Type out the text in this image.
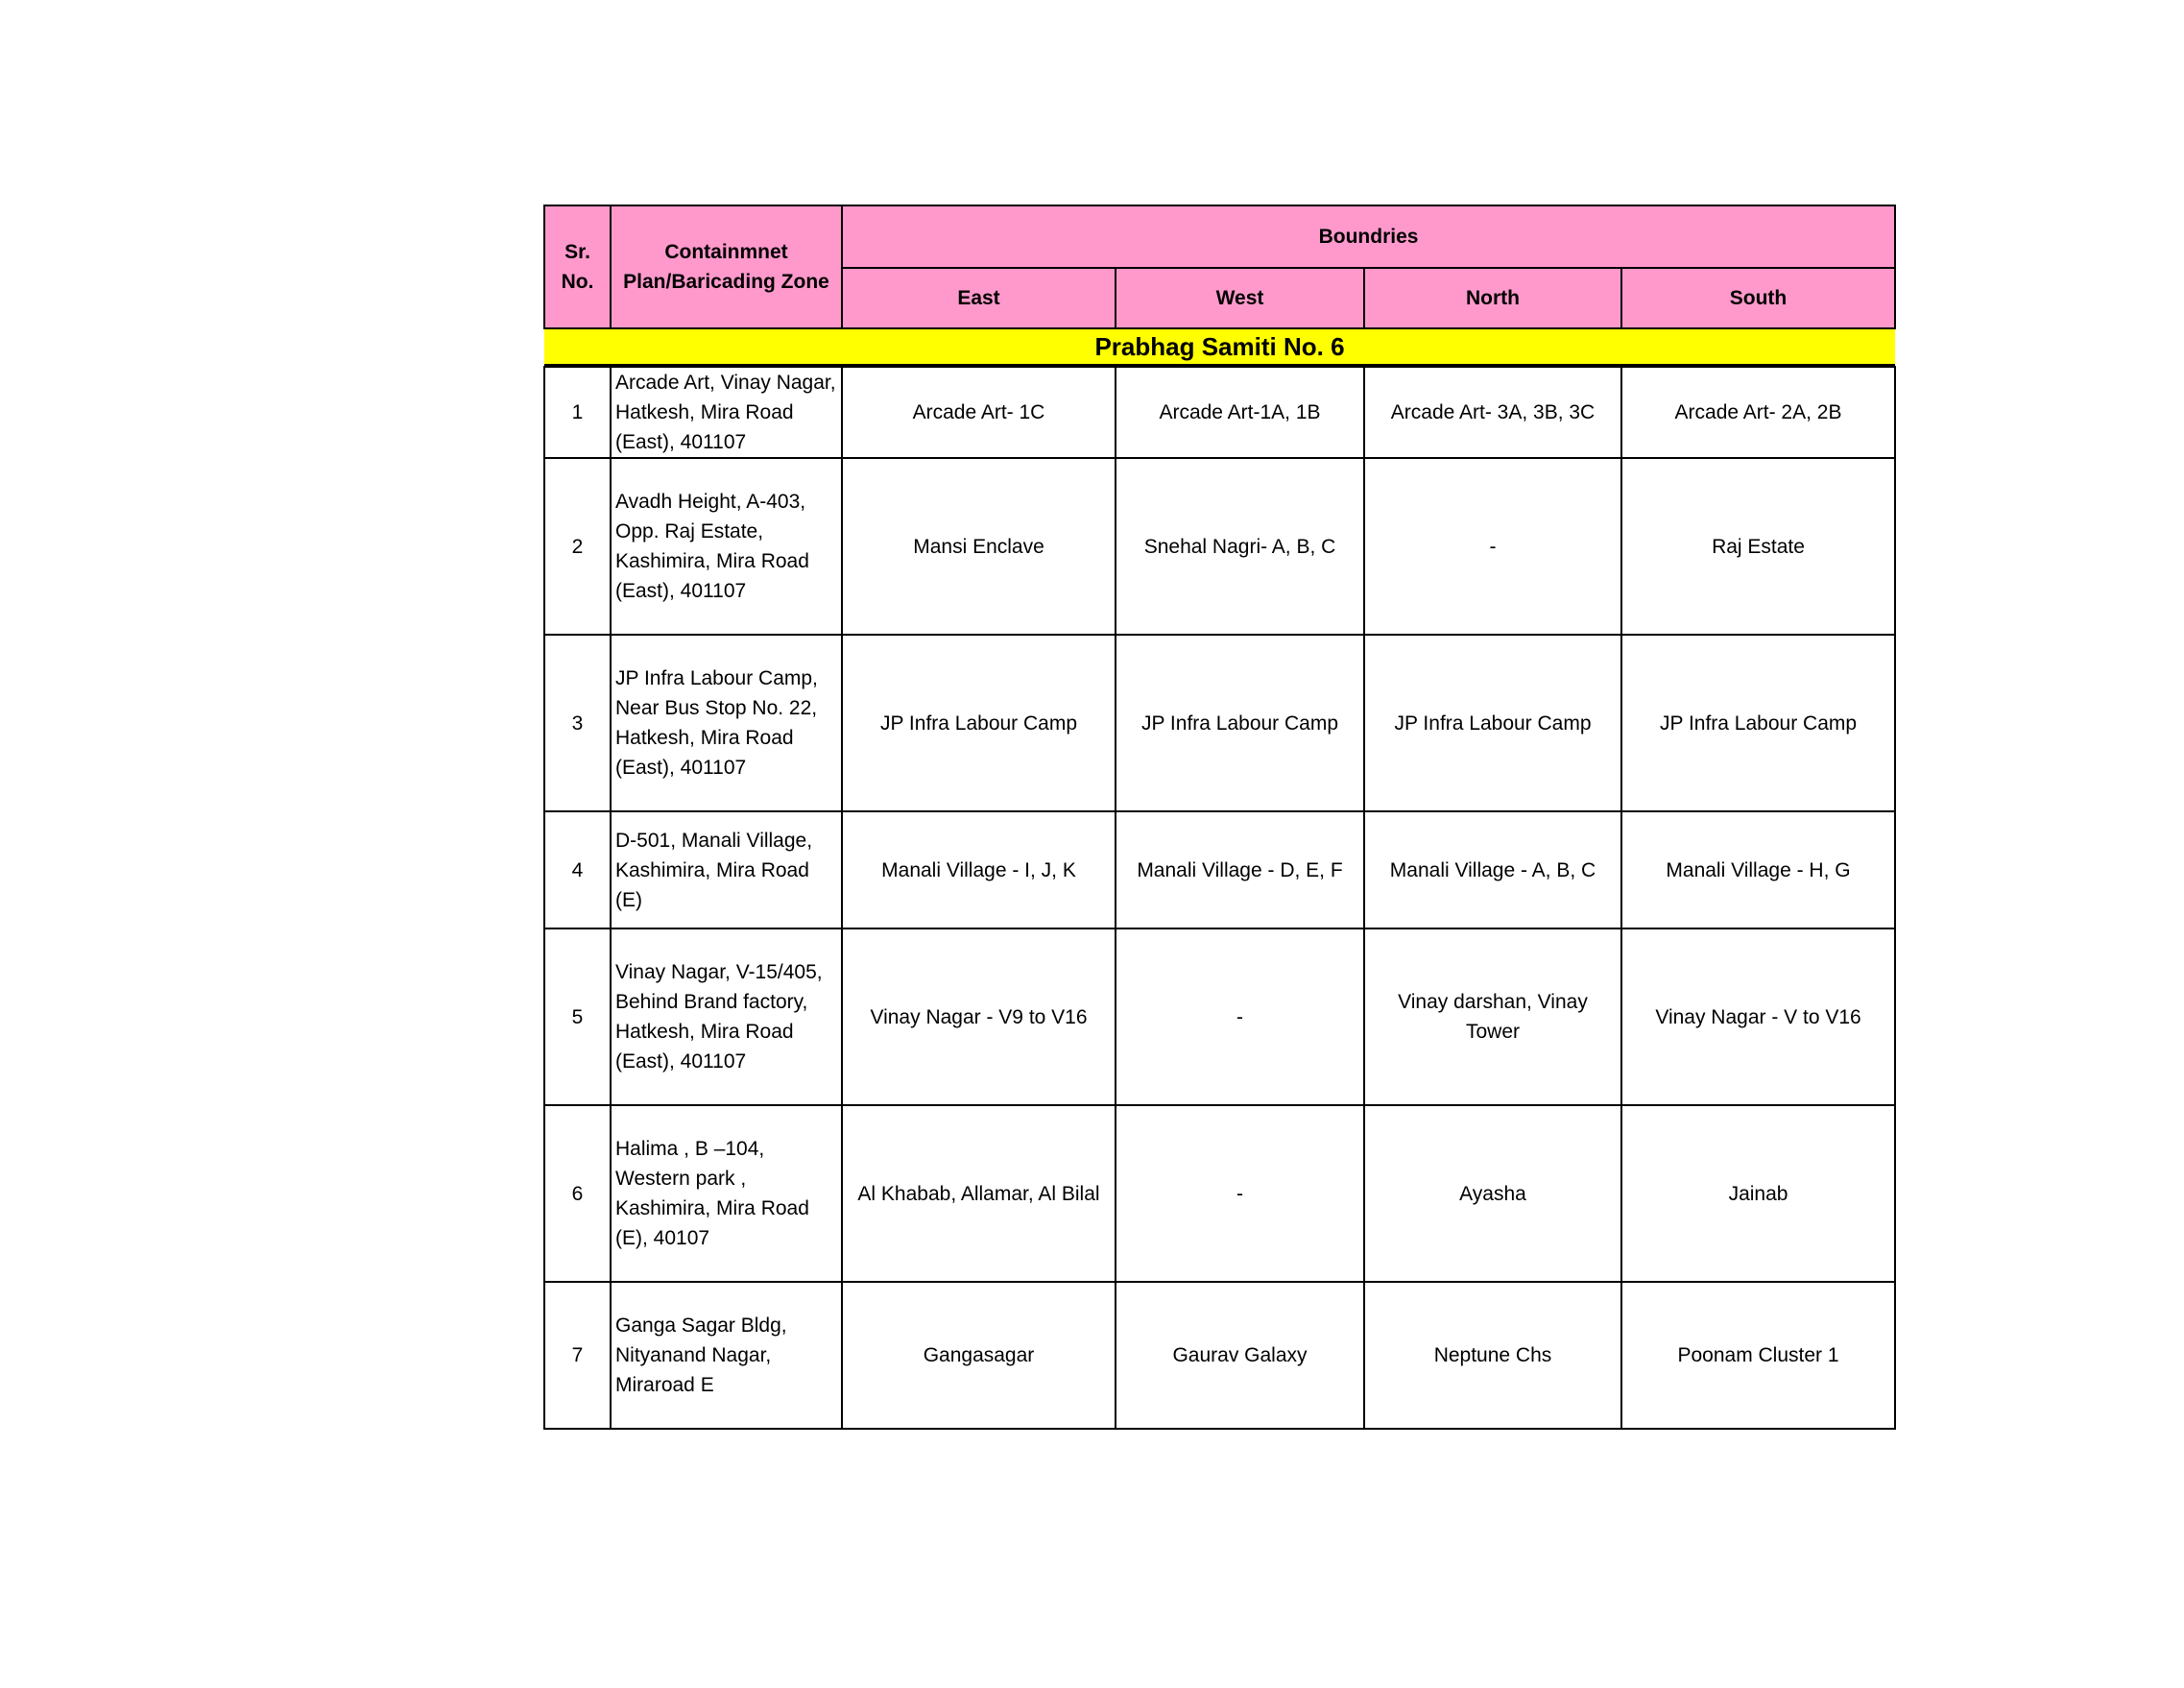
Sr. No.	Containmnet Plan/Baricading Zone	Boundries			
		East	West	North	South
Prabhag Samiti No. 6					

1	Arcade Art, Vinay Nagar, Hatkesh, Mira Road (East), 401107	Arcade Art- 1C	Arcade Art-1A, 1B	Arcade Art- 3A, 3B, 3C	Arcade Art- 2A, 2B
2	Avadh Height, A-403, Opp. Raj Estate, Kashimira, Mira Road (East), 401107	Mansi Enclave	Snehal Nagri- A, B, C	-	Raj Estate
3	JP Infra Labour Camp, Near Bus Stop No. 22, Hatkesh, Mira Road (East), 401107	JP Infra Labour Camp	JP Infra Labour Camp	JP Infra Labour Camp	JP Infra Labour Camp
4	D-501, Manali Village, Kashimira, Mira Road (E)	Manali Village - I, J, K	Manali Village - D, E, F	Manali Village - A, B, C	Manali Village - H, G
5	Vinay Nagar, V-15/405, Behind Brand factory, Hatkesh, Mira Road (East), 401107	Vinay Nagar - V9 to V16	-	Vinay darshan, Vinay Tower	Vinay Nagar - V to V16
6	Halima , B –104, Western park , Kashimira, Mira Road (E), 40107	Al Khabab, Allamar, Al Bilal	-	Ayasha	Jainab
7	Ganga Sagar Bldg, Nityanand Nagar, Miraroad E	Gangasagar	Gaurav Galaxy	Neptune Chs	Poonam Cluster 1
